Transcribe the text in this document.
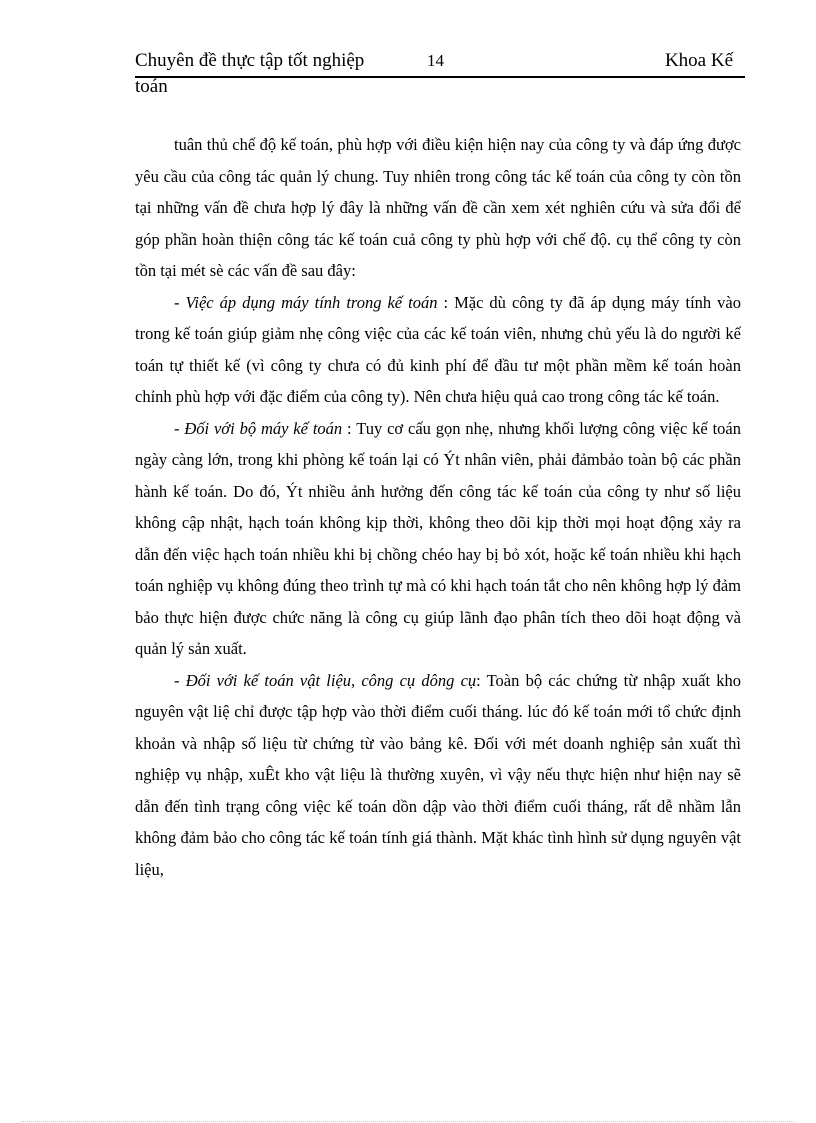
Chuyên đề thực tập tốt nghiệp	14	Khoa Kế
toán

tuân thủ chế độ kế toán, phù hợp với điều kiện hiện nay của công ty và đáp ứng được yêu cầu của công tác quản lý chung. Tuy nhiên trong công tác kế toán của công ty còn tồn tại những vấn đề chưa hợp lý đây là những vấn đề cần xem xét nghiên cứu và sửa đổi để góp phần hoàn thiện công tác kế toán cuả công ty phù hợp với chế độ. cụ thể công ty còn tồn tại mét sè các vấn đề sau đây:

- Việc áp dụng máy tính trong kế toán : Mặc dù công ty đã áp dụng máy tính vào trong kế toán giúp giảm nhẹ công việc của các kế toán viên, nhưng chủ yếu là do người kế toán tự thiết kế (vì công ty chưa có đủ kinh phí để đầu tư một phần mềm kế toán hoàn chỉnh phù hợp với đặc điểm của công ty). Nên chưa hiệu quả cao trong công tác kế toán.

- Đối với bộ máy kế toán : Tuy cơ cấu gọn nhẹ, nhưng khối lượng công việc kế toán ngày càng lớn, trong khi phòng kế toán lại có Ýt nhân viên, phải đảmbảo toàn bộ các phần hành kế toán. Do đó, Ýt nhiều ảnh hưởng đến công tác kế toán của công ty như số liệu không cập nhật, hạch toán không kịp thời, không theo dõi kịp thời mọi hoạt động xảy ra dẫn đến việc hạch toán nhiều khi bị chồng chéo hay bị bỏ xót, hoặc kế toán nhiều khi hạch toán nghiệp vụ không đúng theo trình tự mà có khi hạch toán tắt cho nên không hợp lý đảm bảo thực hiện được chức năng là công cụ giúp lãnh đạo phân tích theo dõi hoạt động và quản lý sản xuất.

- Đối với kế toán vật liệu, công cụ dông cụ: Toàn bộ các chứng từ nhập xuất kho nguyên vật liệ chỉ được tập hợp vào thời điểm cuối tháng. lúc đó kế toán mới tổ chức định khoản và nhập số liệu từ chứng từ vào bảng kê. Đối với mét doanh nghiệp sản xuất thì nghiệp vụ nhập, xuÊt kho vật liệu là thường xuyên, vì vậy nếu thực hiện như hiện nay sẽ dẫn đến tình trạng công việc kế toán dồn dập vào thời điểm cuối tháng, rất dễ nhầm lẫn không đảm bảo cho công tác kế toán tính giá thành. Mặt khác tình hình sử dụng nguyên vật liệu,
